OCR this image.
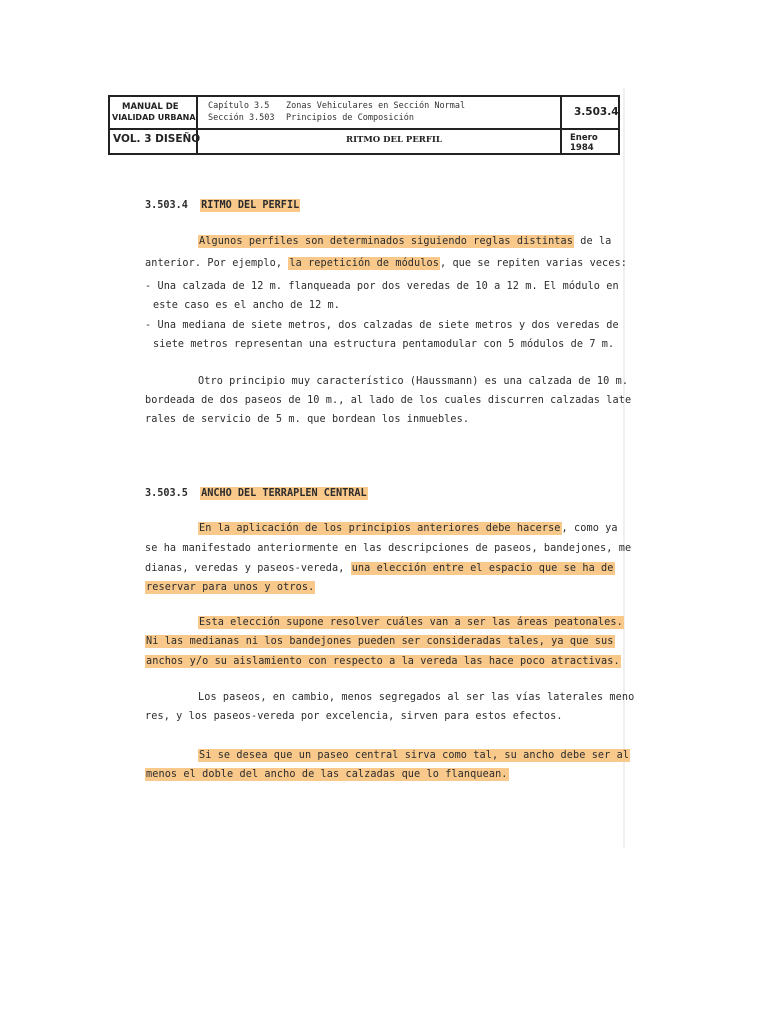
MANUAL DE
VIALIDAD URBANA
VOL. 3 DISEÑO
Capítulo 3.5 Zonas Vehiculares en Sección Normal
Sección 3.503 Principios de Composición
RITMO DEL PERFIL
3.503.4
Enero 1984
3.503.4 RITMO DEL PERFIL
Algunos perfiles son determinados siguiendo reglas distintas de la
anterior. Por ejemplo, la repetición de módulos, que se repiten varias veces:
- Una calzada de 12 m. flanqueada por dos veredas de 10 a 12 m. El módulo en
este caso es el ancho de 12 m.
- Una mediana de siete metros, dos calzadas de siete metros y dos veredas de
siete metros representan una estructura pentamodular con 5 módulos de 7 m.
Otro principio muy característico (Haussmann) es una calzada de 10 m.
bordeada de dos paseos de 10 m., al lado de los cuales discurren calzadas late
rales de servicio de 5 m. que bordean los inmuebles.
3.503.5 ANCHO DEL TERRAPLEN CENTRAL
En la aplicación de los principios anteriores debe hacerse, como ya
se ha manifestado anteriormente en las descripciones de paseos, bandejones, me
dianas, veredas y paseos-vereda, una elección entre el espacio que se ha de
reservar para unos y otros.
Esta elección supone resolver cuáles van a ser las áreas peatonales.
Ni las medianas ni los bandejones pueden ser consideradas tales, ya que sus
anchos y/o su aislamiento con respecto a la vereda las hace poco atractivas.
Los paseos, en cambio, menos segregados al ser las vías laterales meno
res, y los paseos-vereda por excelencia, sirven para estos efectos.
Si se desea que un paseo central sirva como tal, su ancho debe ser al
menos el doble del ancho de las calzadas que lo flanquean.
